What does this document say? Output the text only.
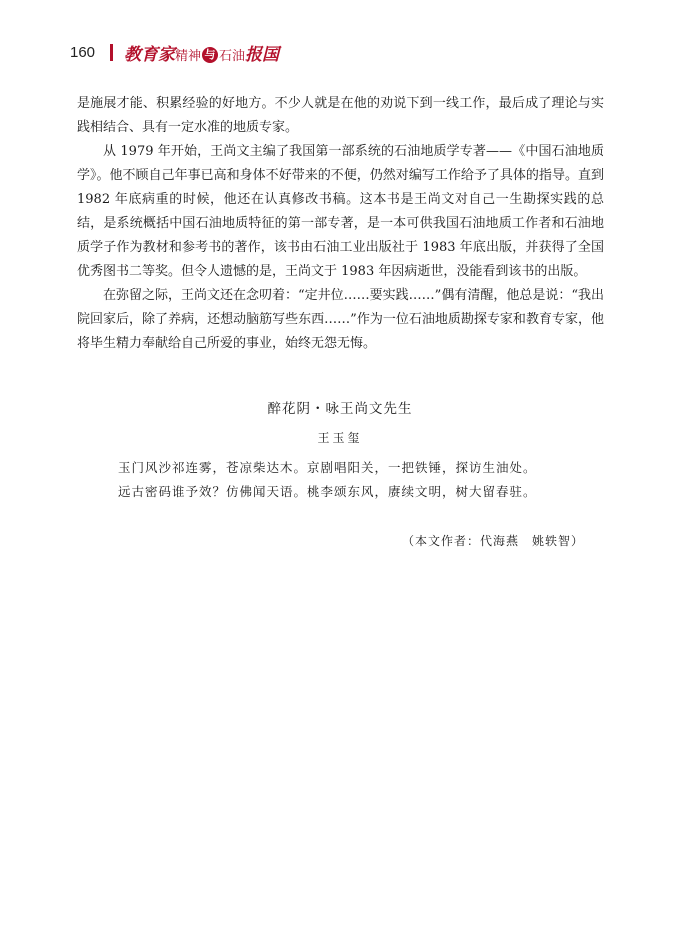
160 教育家精神 与 石油报国

是施展才能、积累经验的好地方。不少人就是在他的劝说下到一线工作，最后成了理论与实践相结合、具有一定水准的地质专家。

从 1979 年开始，王尚文主编了我国第一部系统的石油地质学专著——《中国石油地质学》。他不顾自己年事已高和身体不好带来的不便，仍然对编写工作给予了具体的指导。直到 1982 年底病重的时候，他还在认真修改书稿。这本书是王尚文对自己一生勘探实践的总结，是系统概括中国石油地质特征的第一部专著，是一本可供我国石油地质工作者和石油地质学子作为教材和参考书的著作，该书由石油工业出版社于 1983 年底出版，并获得了全国优秀图书二等奖。但令人遗憾的是，王尚文于 1983 年因病逝世，没能看到该书的出版。

在弥留之际，王尚文还在念叨着：“定井位……要实践……”偶有清醒，他总是说：“我出院回家后，除了养病，还想动脑筋写些东西……”作为一位石油地质勘探专家和教育专家，他将毕生精力奉献给自己所爱的事业，始终无怨无悔。

醉花阴・咏王尚文先生
王玉玺
玉门风沙祁连雾，苍凉柴达木。京剧唱阳关，一把铁锤，探访生油处。
远古密码谁予效？仿佛闻天语。桃李颂东风，赓续文明，树大留春驻。
（本文作者：代海燕　姚轶智）
